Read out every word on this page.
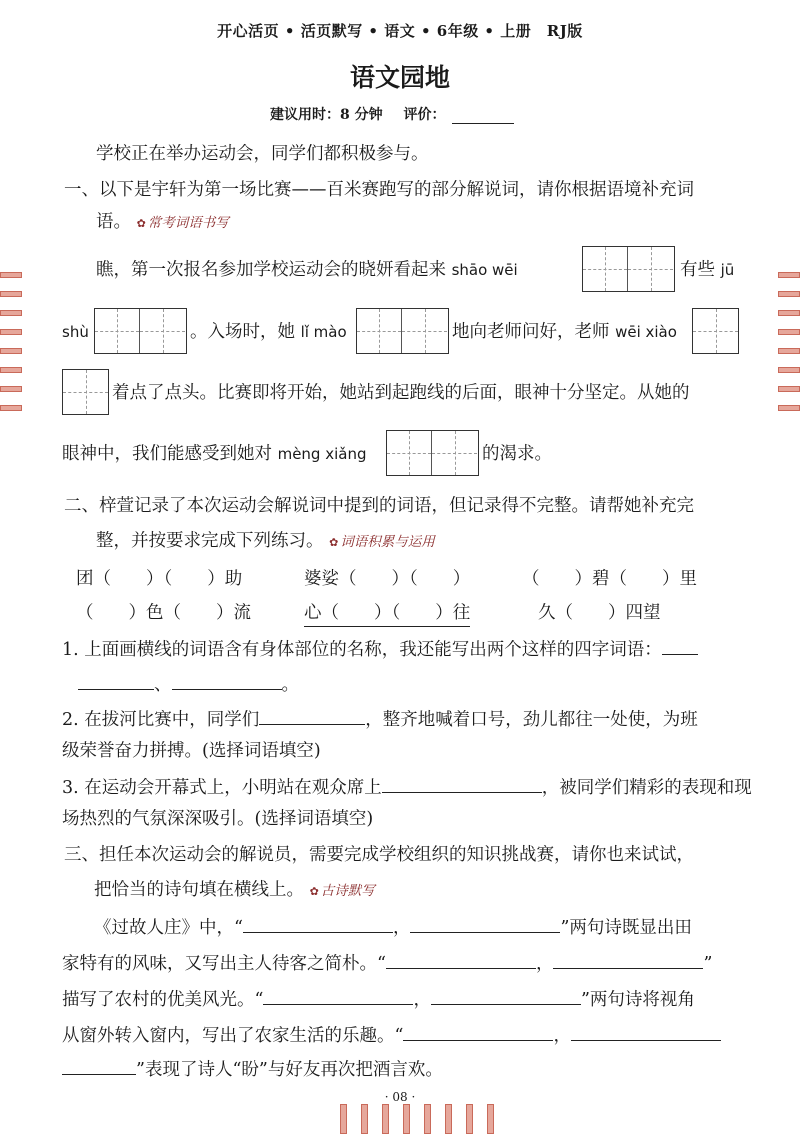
开心活页 • 活页默写 • 语文 • 6年级 • 上册　RJ版
语文园地
建议用时：8 分钟 评价：
学校正在举办运动会，同学们都积极参与。
一、以下是宇轩为第一场比赛——百米赛跑写的部分解说词，请你根据语境补充词
语。 ✿ 常考词语书写
瞧，第一次报名参加学校运动会的晓妍看起来 shāo wēi	有些 jū
shù	。入场时，她 lǐ mào	地向老师问好，老师 wēi xiào
着点了点头。比赛即将开始，她站到起跑线的后面，眼神十分坚定。从她的
眼神中，我们能感受到她对 mèng xiǎng	的渴求。
二、梓萱记录了本次运动会解说词中提到的词语，但记录得不完整。请帮她补充完
整，并按要求完成下列练习。 ✿ 词语积累与运用
团（　　）（　　）助	婆娑（　　）（　　）	（　　）碧（　　）里
（　　）色（　　）流	心（　　）（　　）往	久（　　）四望
1. 上面画横线的词语含有身体部位的名称，我还能写出两个这样的四字词语：
、	。
2. 在拔河比赛中，同学们	，整齐地喊着口号，劲儿都往一处使，为班
级荣誉奋力拼搏。(选择词语填空)
3. 在运动会开幕式上，小明站在观众席上	，被同学们精彩的表现和现
场热烈的气氛深深吸引。(选择词语填空)
三、担任本次运动会的解说员，需要完成学校组织的知识挑战赛，请你也来试试，
把恰当的诗句填在横线上。 ✿ 古诗默写
《过故人庄》中，“	，	”两句诗既显出田
家特有的风味，又写出主人待客之简朴。“	，	”
描写了农村的优美风光。“	，	”两句诗将视角
从窗外转入窗内，写出了农家生活的乐趣。“	，
”表现了诗人“盼”与好友再次把酒言欢。
· 08 ·
